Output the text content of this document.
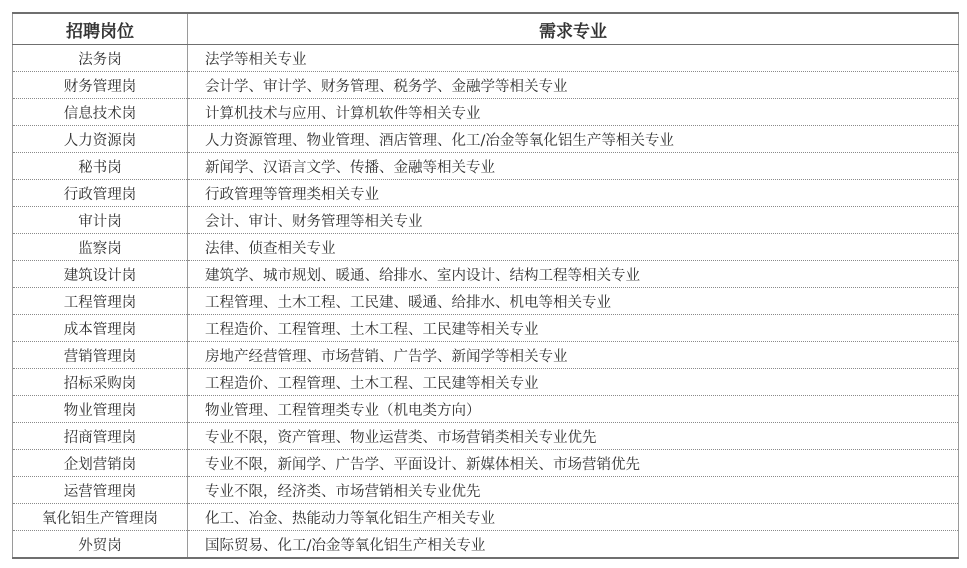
招聘岗位	需求专业
法务岗	法学等相关专业
财务管理岗	会计学、审计学、财务管理、税务学、金融学等相关专业
信息技术岗	计算机技术与应用、计算机软件等相关专业
人力资源岗	人力资源管理、物业管理、酒店管理、化工/冶金等氧化铝生产等相关专业
秘书岗	新闻学、汉语言文学、传播、金融等相关专业
行政管理岗	行政管理等管理类相关专业
审计岗	会计、审计、财务管理等相关专业
监察岗	法律、侦查相关专业
建筑设计岗	建筑学、城市规划、暖通、给排水、室内设计、结构工程等相关专业
工程管理岗	工程管理、土木工程、工民建、暖通、给排水、机电等相关专业
成本管理岗	工程造价、工程管理、土木工程、工民建等相关专业
营销管理岗	房地产经营管理、市场营销、广告学、新闻学等相关专业
招标采购岗	工程造价、工程管理、土木工程、工民建等相关专业
物业管理岗	物业管理、工程管理类专业（机电类方向）
招商管理岗	专业不限，资产管理、物业运营类、市场营销类相关专业优先
企划营销岗	专业不限，新闻学、广告学、平面设计、新媒体相关、市场营销优先
运营管理岗	专业不限，经济类、市场营销相关专业优先
氧化铝生产管理岗	化工、冶金、热能动力等氧化铝生产相关专业
外贸岗	国际贸易、化工/冶金等氧化铝生产相关专业
